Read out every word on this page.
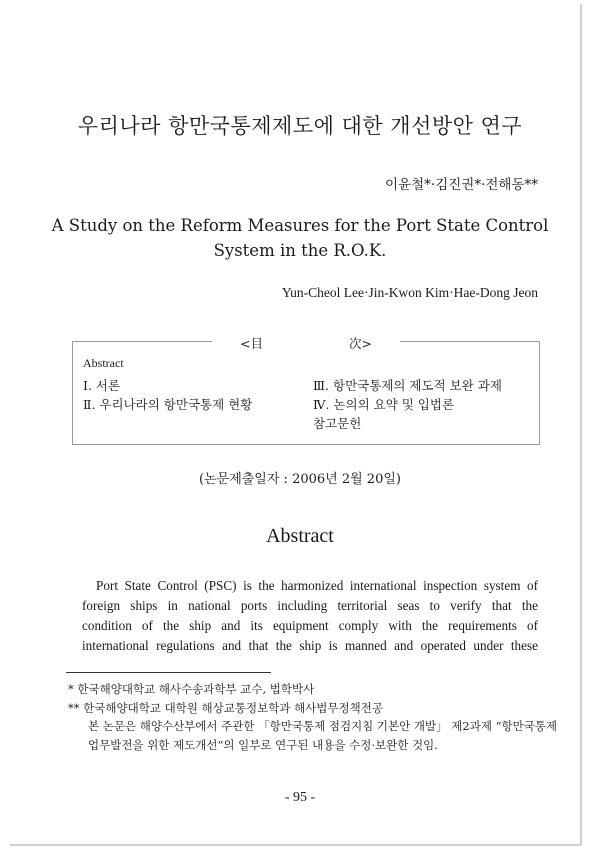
우리나라 항만국통제제도에 대한 개선방안 연구
이윤철*·김진권*·전해동**
A Study on the Reform Measures for the Port State Control
System in the R.O.K.
Yun-Cheol Lee·Jin-Kwon Kim·Hae-Dong Jeon
<目	次>
Abstract
Ⅰ. 서론
Ⅱ. 우리나라의 항만국통제 현황
Ⅲ. 항만국통제의 제도적 보완 과제
Ⅳ. 논의의 요약 및 입법론
참고문헌
(논문제출일자 : 2006년 2월 20일)
Abstract
Port State Control (PSC) is the harmonized international inspection system of
foreign ships in national ports including territorial seas to verify that the
condition of the ship and its equipment comply with the requirements of
international regulations and that the ship is manned and operated under these
* 한국해양대학교 해사수송과학부 교수, 법학박사
** 한국해양대학교 대학원 해상교통정보학과 해사법무정책전공
본 논문은 해양수산부에서 주관한 「항만국통제 점검지침 기본안 개발」 제2과제 “항만국통제
업무발전을 위한 제도개선”의 일부로 연구된 내용을 수정·보완한 것임.
- 95 -
